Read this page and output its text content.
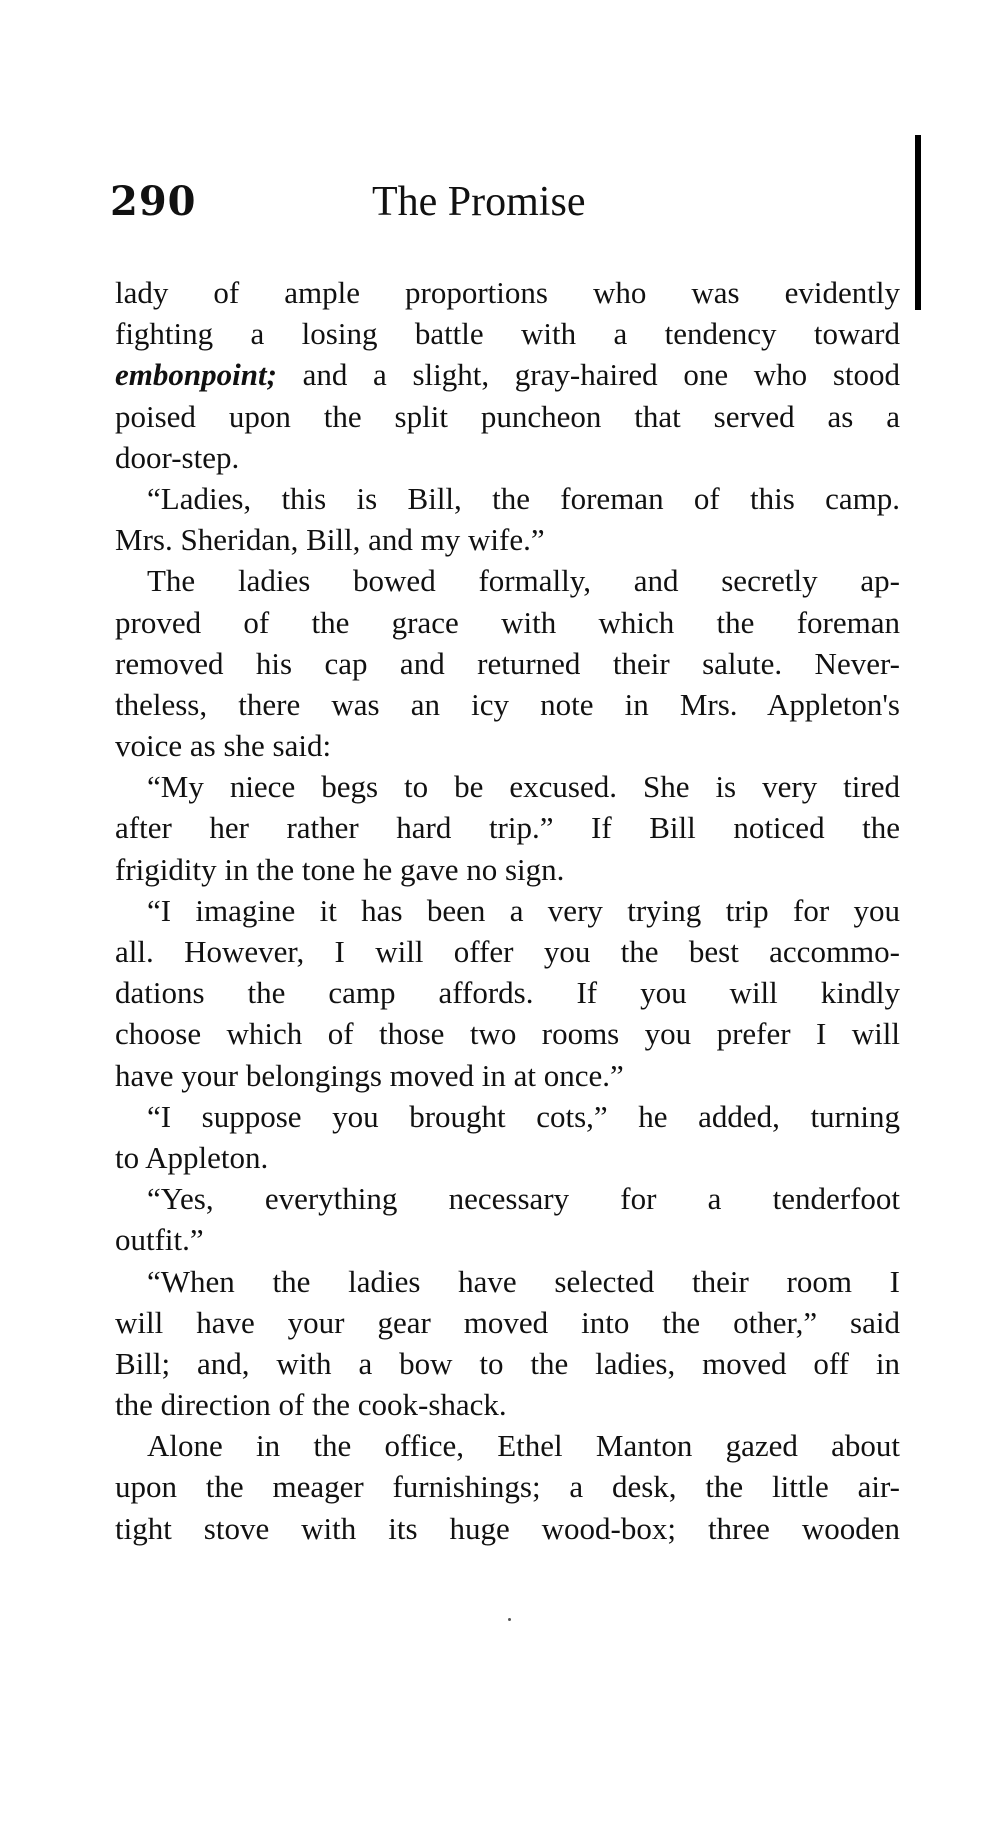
290	The Promise
lady of ample proportions who was evidently
fighting a losing battle with a tendency toward
embonpoint; and a slight, gray-haired one who stood
poised upon the split puncheon that served as a
door-step.
“Ladies, this is Bill, the foreman of this camp.
Mrs. Sheridan, Bill, and my wife.”
The ladies bowed formally, and secretly ap-
proved of the grace with which the foreman
removed his cap and returned their salute. Never-
theless, there was an icy note in Mrs. Appleton's
voice as she said:
“My niece begs to be excused. She is very tired
after her rather hard trip.” If Bill noticed the
frigidity in the tone he gave no sign.
“I imagine it has been a very trying trip for you
all. However, I will offer you the best accommo-
dations the camp affords. If you will kindly
choose which of those two rooms you prefer I will
have your belongings moved in at once.”
“I suppose you brought cots,” he added, turning
to Appleton.
“Yes, everything necessary for a tenderfoot
outfit.”
“When the ladies have selected their room I
will have your gear moved into the other,” said
Bill; and, with a bow to the ladies, moved off in
the direction of the cook-shack.
Alone in the office, Ethel Manton gazed about
upon the meager furnishings; a desk, the little air-
tight stove with its huge wood-box; three wooden
